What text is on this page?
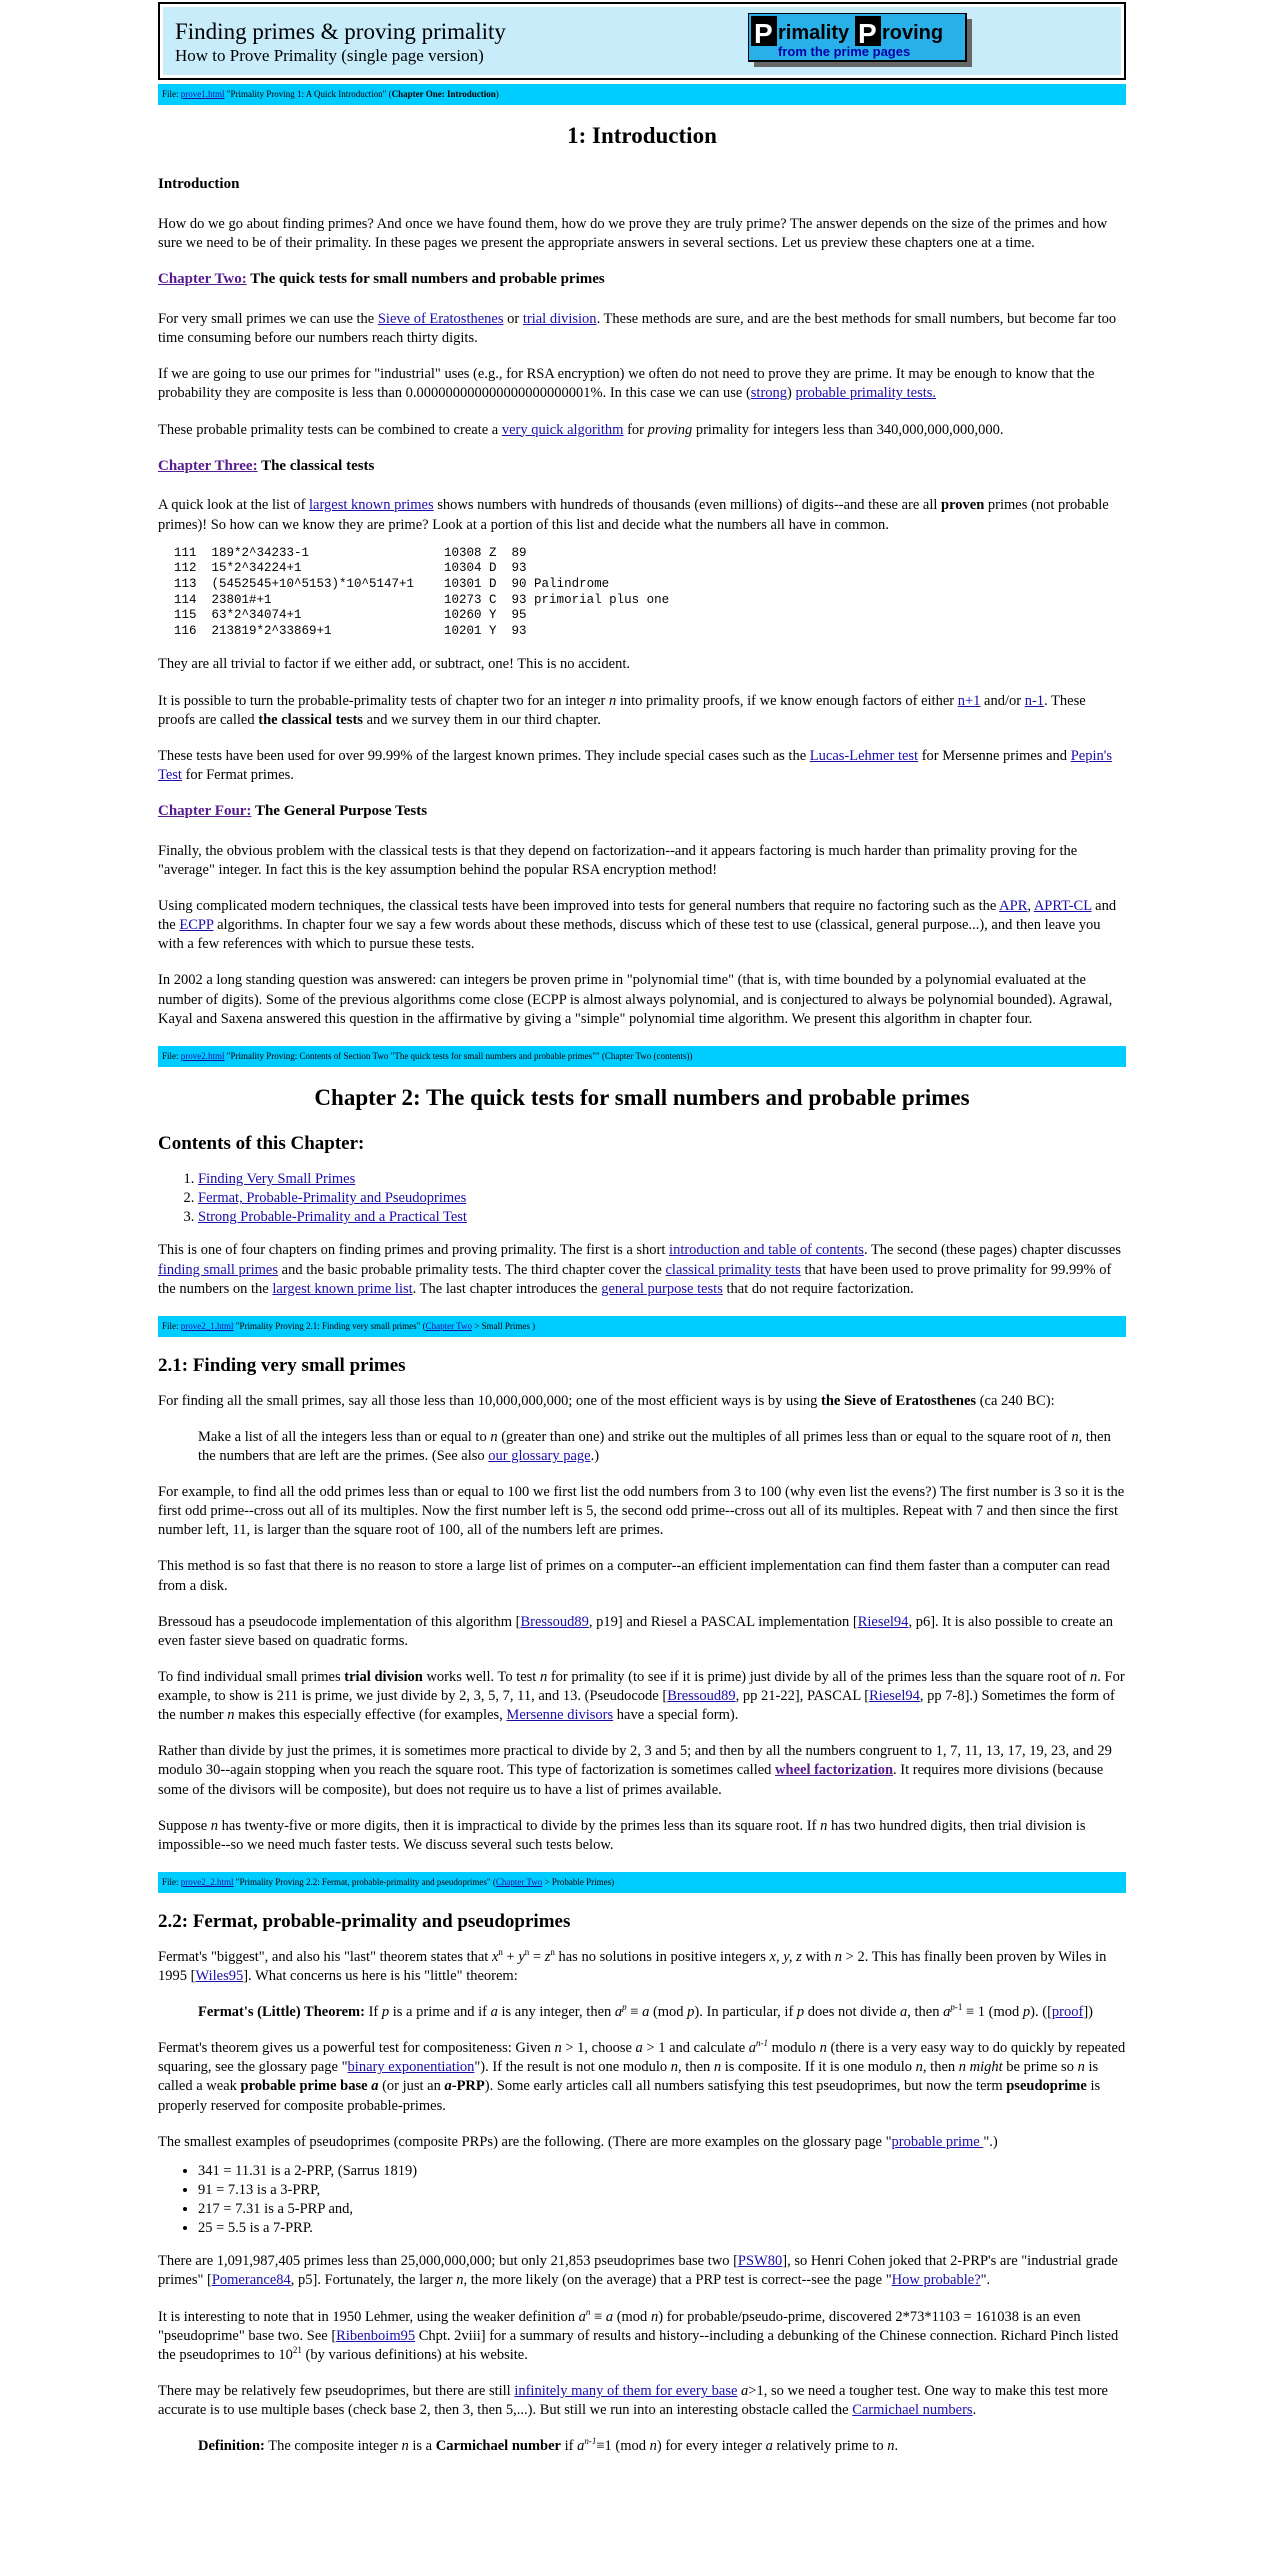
Finding primes & proving primality
How to Prove Primality (single page version)
P rimality P roving
from the prime pages
File: prove1.html "Primality Proving 1: A Quick Introduction" (Chapter One: Introduction)
1: Introduction
Introduction

How do we go about finding primes? And once we have found them, how do we prove they are truly prime? The answer depends on the size of the primes and how sure we need to be of their primality. In these pages we present the appropriate answers in several sections. Let us preview these chapters one at a time.

Chapter Two: The quick tests for small numbers and probable primes

For very small primes we can use the Sieve of Eratosthenes or trial division. These methods are sure, and are the best methods for small numbers, but become far too time consuming before our numbers reach thirty digits.

If we are going to use our primes for "industrial" uses (e.g., for RSA encryption) we often do not need to prove they are prime. It may be enough to know that the probability they are composite is less than 0.000000000000000000000001%. In this case we can use (strong) probable primality tests.

These probable primality tests can be combined to create a very quick algorithm for proving primality for integers less than 340,000,000,000,000.

Chapter Three: The classical tests

A quick look at the list of largest known primes shows numbers with hundreds of thousands (even millions) of digits--and these are all proven primes (not probable primes)! So how can we know they are prime? Look at a portion of this list and decide what the numbers all have in common.

111  189*2^34233-1                  10308 Z  89
112  15*2^34224+1                   10304 D  93
113  (5452545+10^5153)*10^5147+1    10301 D  90 Palindrome
114  23801#+1                       10273 C  93 primorial plus one
115  63*2^34074+1                   10260 Y  95
116  213819*2^33869+1               10201 Y  93

They are all trivial to factor if we either add, or subtract, one! This is no accident.

It is possible to turn the probable-primality tests of chapter two for an integer n into primality proofs, if we know enough factors of either n+1 and/or n-1. These proofs are called the classical tests and we survey them in our third chapter.

These tests have been used for over 99.99% of the largest known primes. They include special cases such as the Lucas-Lehmer test for Mersenne primes and Pepin's Test for Fermat primes.

Chapter Four: The General Purpose Tests

Finally, the obvious problem with the classical tests is that they depend on factorization--and it appears factoring is much harder than primality proving for the "average" integer. In fact this is the key assumption behind the popular RSA encryption method!

Using complicated modern techniques, the classical tests have been improved into tests for general numbers that require no factoring such as the APR, APRT-CL and the ECPP algorithms. In chapter four we say a few words about these methods, discuss which of these test to use (classical, general purpose...), and then leave you with a few references with which to pursue these tests.

In 2002 a long standing question was answered: can integers be proven prime in "polynomial time" (that is, with time bounded by a polynomial evaluated at the number of digits). Some of the previous algorithms come close (ECPP is almost always polynomial, and is conjectured to always be polynomial bounded). Agrawal, Kayal and Saxena answered this question in the affirmative by giving a "simple" polynomial time algorithm. We present this algorithm in chapter four.

File: prove2.html "Primality Proving: Contents of Section Two "The quick tests for small numbers and probable primes"" (Chapter Two (contents))
Chapter 2: The quick tests for small numbers and probable primes
Contents of this Chapter:
1. Finding Very Small Primes
2. Fermat, Probable-Primality and Pseudoprimes
3. Strong Probable-Primality and a Practical Test

This is one of four chapters on finding primes and proving primality. The first is a short introduction and table of contents. The second (these pages) chapter discusses finding small primes and the basic probable primality tests. The third chapter cover the classical primality tests that have been used to prove primality for 99.99% of the numbers on the largest known prime list. The last chapter introduces the general purpose tests that do not require factorization.

File: prove2_1.html "Primality Proving 2.1: Finding very small primes" (Chapter Two > Small Primes )
2.1: Finding very small primes

For finding all the small primes, say all those less than 10,000,000,000; one of the most efficient ways is by using the Sieve of Eratosthenes (ca 240 BC):

Make a list of all the integers less than or equal to n (greater than one) and strike out the multiples of all primes less than or equal to the square root of n, then the numbers that are left are the primes. (See also our glossary page.)

For example, to find all the odd primes less than or equal to 100 we first list the odd numbers from 3 to 100 (why even list the evens?) The first number is 3 so it is the first odd prime--cross out all of its multiples. Now the first number left is 5, the second odd prime--cross out all of its multiples. Repeat with 7 and then since the first number left, 11, is larger than the square root of 100, all of the numbers left are primes.

This method is so fast that there is no reason to store a large list of primes on a computer--an efficient implementation can find them faster than a computer can read from a disk.

Bressoud has a pseudocode implementation of this algorithm [Bressoud89, p19] and Riesel a PASCAL implementation [Riesel94, p6]. It is also possible to create an even faster sieve based on quadratic forms.

To find individual small primes trial division works well. To test n for primality (to see if it is prime) just divide by all of the primes less than the square root of n. For example, to show is 211 is prime, we just divide by 2, 3, 5, 7, 11, and 13. (Pseudocode [Bressoud89, pp 21-22], PASCAL [Riesel94, pp 7-8].) Sometimes the form of the number n makes this especially effective (for examples, Mersenne divisors have a special form).

Rather than divide by just the primes, it is sometimes more practical to divide by 2, 3 and 5; and then by all the numbers congruent to 1, 7, 11, 13, 17, 19, 23, and 29 modulo 30--again stopping when you reach the square root. This type of factorization is sometimes called wheel factorization. It requires more divisions (because some of the divisors will be composite), but does not require us to have a list of primes available.

Suppose n has twenty-five or more digits, then it is impractical to divide by the primes less than its square root. If n has two hundred digits, then trial division is impossible--so we need much faster tests. We discuss several such tests below.

File: prove2_2.html "Primality Proving 2.2: Fermat, probable-primality and pseudoprimes" (Chapter Two > Probable Primes)
2.2: Fermat, probable-primality and pseudoprimes

Fermat's "biggest", and also his "last" theorem states that $x^n + y^n = z^n$ has no solutions in positive integers x, y, z with n > 2. This has finally been proven by Wiles in 1995 [Wiles95]. What concerns us here is his "little" theorem:

Fermat's (Little) Theorem: If p is a prime and if a is any integer, then $a^p \equiv a$ (mod p). In particular, if p does not divide a, then $a^{p-1} \equiv 1$ (mod p). ([proof])

Fermat's theorem gives us a powerful test for compositeness: Given n > 1, choose a > 1 and calculate $a^{n-1}$ modulo n (there is a very easy way to do quickly by repeated squaring, see the glossary page "binary exponentiation"). If the result is not one modulo n, then n is composite. If it is one modulo n, then n might be prime so n is called a weak probable prime base a (or just an a-PRP). Some early articles call all numbers satisfying this test pseudoprimes, but now the term pseudoprime is properly reserved for composite probable-primes.

The smallest examples of pseudoprimes (composite PRPs) are the following. (There are more examples on the glossary page "probable prime ".)

• 341 = 11.31 is a 2-PRP, (Sarrus 1819)
• 91 = 7.13 is a 3-PRP,
• 217 = 7.31 is a 5-PRP and,
• 25 = 5.5 is a 7-PRP.

There are 1,091,987,405 primes less than 25,000,000,000; but only 21,853 pseudoprimes base two [PSW80], so Henri Cohen joked that 2-PRP's are "industrial grade primes" [Pomerance84, p5]. Fortunately, the larger n, the more likely (on the average) that a PRP test is correct--see the page "How probable?".

It is interesting to note that in 1950 Lehmer, using the weaker definition $a^n \equiv a$ (mod n) for probable/pseudo-prime, discovered 2*73*1103 = 161038 is an even "pseudoprime" base two. See [Ribenboim95 Chpt. 2viii] for a summary of results and history--including a debunking of the Chinese connection. Richard Pinch listed the pseudoprimes to $10^{21}$ (by various definitions) at his website.

There may be relatively few pseudoprimes, but there are still infinitely many of them for every base a>1, so we need a tougher test. One way to make this test more accurate is to use multiple bases (check base 2, then 3, then 5,...). But still we run into an interesting obstacle called the Carmichael numbers.

Definition: The composite integer n is a Carmichael number if $a^{n-1}\equiv 1$ (mod n) for every integer a relatively prime to n.
